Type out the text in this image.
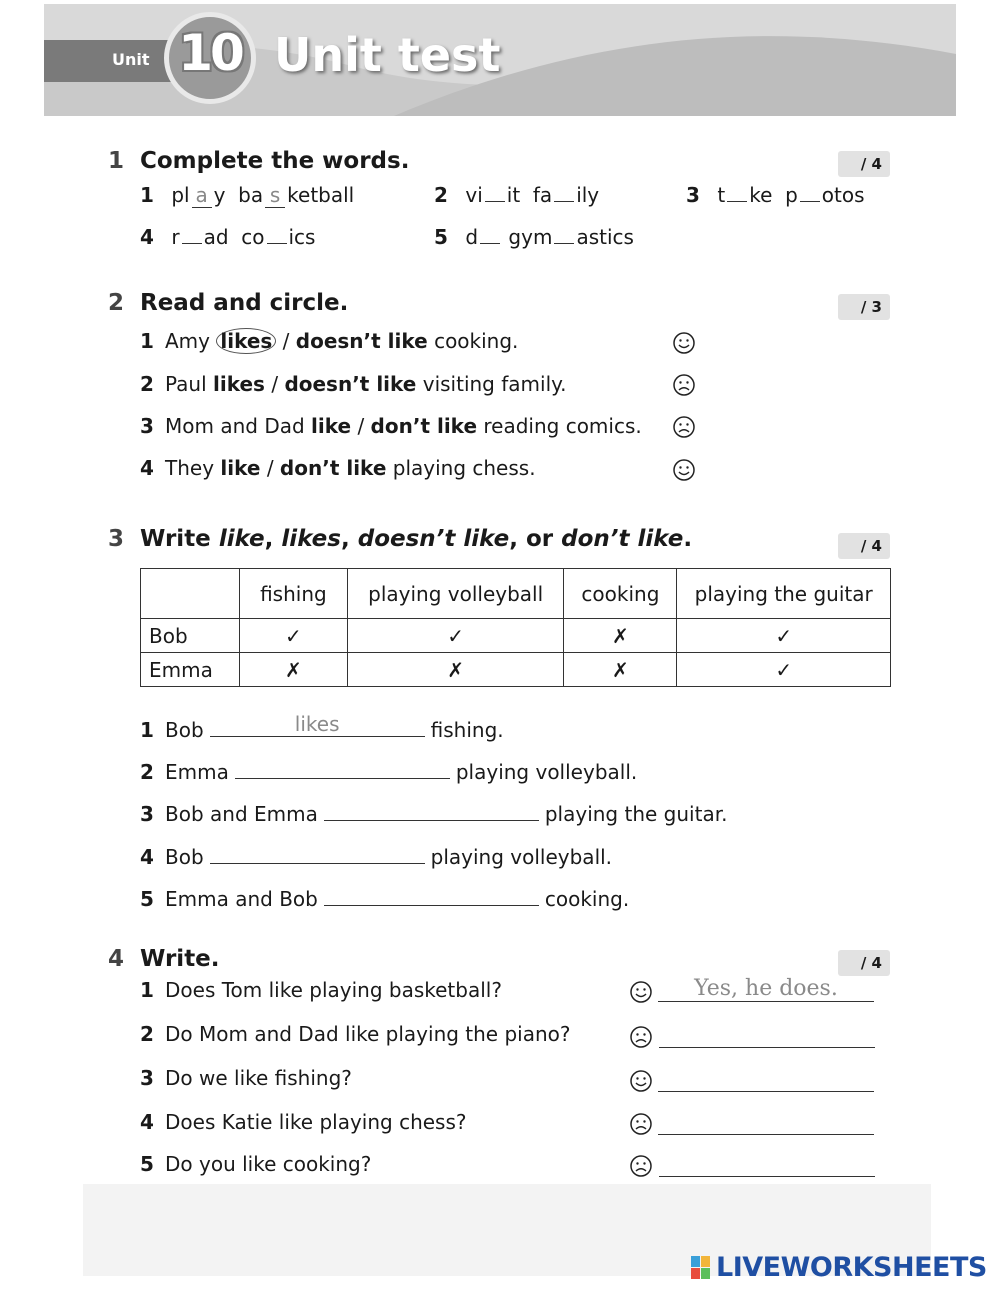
Unit 10 Unit test
1 Complete the words.	/ 4
1 pl a y  ba s ketball	2 vi it  fa ily	3 t ke  p otos
4 r ad  co ics	5 d gym astics
2 Read and circle.	/ 3
1 Amy likes / doesn’t like cooking.
2 Paul likes / doesn’t like visiting family.
3 Mom and Dad like / don’t like reading comics.
4 They like / don’t like playing chess.
3 Write like, likes, doesn’t like, or don’t like.	/ 4
	fishing	playing volleyball	cooking	playing the guitar
Bob	✓	✓	✗	✓
Emma	✗	✗	✗	✓
1 Bob	likes	fishing.
2 Emma	playing volleyball.
3 Bob and Emma	playing the guitar.
4 Bob	playing volleyball.
5 Emma and Bob	cooking.
4 Write.	/ 4
1 Does Tom like playing basketball?
2 Do Mom and Dad like playing the piano?
3 Do we like fishing?
4 Does Katie like playing chess?
5 Do you like cooking?
Yes, he does.
LIVEWORKSHEETS
